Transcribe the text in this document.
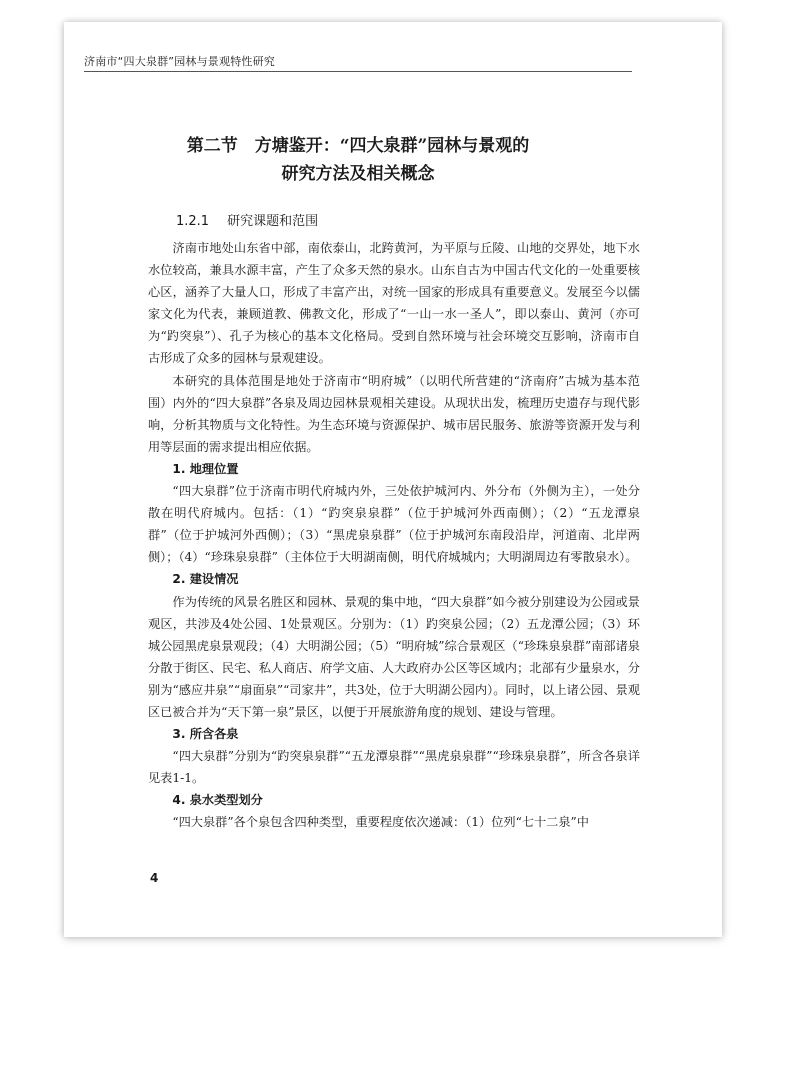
济南市“四大泉群”园林与景观特性研究
第二节　方塘鉴开：“四大泉群”园林与景观的
研究方法及相关概念
1.2.1 研究课题和范围

济南市地处山东省中部，南依泰山，北跨黄河，为平原与丘陵、山地的交界处，地下水水位较高，兼具水源丰富，产生了众多天然的泉水。山东自古为中国古代文化的一处重要核心区，涵养了大量人口，形成了丰富产出，对统一国家的形成具有重要意义。发展至今以儒家文化为代表，兼顾道教、佛教文化，形成了“一山一水一圣人”，即以泰山、黄河（亦可为“趵突泉”）、孔子为核心的基本文化格局。受到自然环境与社会环境交互影响，济南市自古形成了众多的园林与景观建设。

本研究的具体范围是地处于济南市“明府城”（以明代所营建的“济南府”古城为基本范围）内外的“四大泉群”各泉及周边园林景观相关建设。从现状出发，梳理历史遗存与现代影响，分析其物质与文化特性。为生态环境与资源保护、城市居民服务、旅游等资源开发与利用等层面的需求提出相应依据。

1. 地理位置

“四大泉群”位于济南市明代府城内外，三处依护城河内、外分布（外侧为主），一处分散在明代府城内。包括：（1）“趵突泉泉群”（位于护城河外西南侧）；（2）“五龙潭泉群”（位于护城河外西侧）；（3）“黑虎泉泉群”（位于护城河东南段沿岸，河道南、北岸两侧）；（4）“珍珠泉泉群”（主体位于大明湖南侧，明代府城城内；大明湖周边有零散泉水）。

2. 建设情况

作为传统的风景名胜区和园林、景观的集中地，“四大泉群”如今被分别建设为公园或景观区，共涉及4处公园、1处景观区。分别为：（1）趵突泉公园；（2）五龙潭公园；（3）环城公园黑虎泉景观段；（4）大明湖公园；（5）“明府城”综合景观区（“珍珠泉泉群”南部诸泉分散于街区、民宅、私人商店、府学文庙、人大政府办公区等区域内；北部有少量泉水，分别为“感应井泉”“扇面泉”“司家井”，共3处，位于大明湖公园内）。同时，以上诸公园、景观区已被合并为“天下第一泉”景区，以便于开展旅游角度的规划、建设与管理。

3. 所含各泉

“四大泉群”分别为“趵突泉泉群”“五龙潭泉群”“黑虎泉泉群”“珍珠泉泉群”，所含各泉详见表1-1。

4. 泉水类型划分

“四大泉群”各个泉包含四种类型，重要程度依次递减：（1）位列“七十二泉”中

4
